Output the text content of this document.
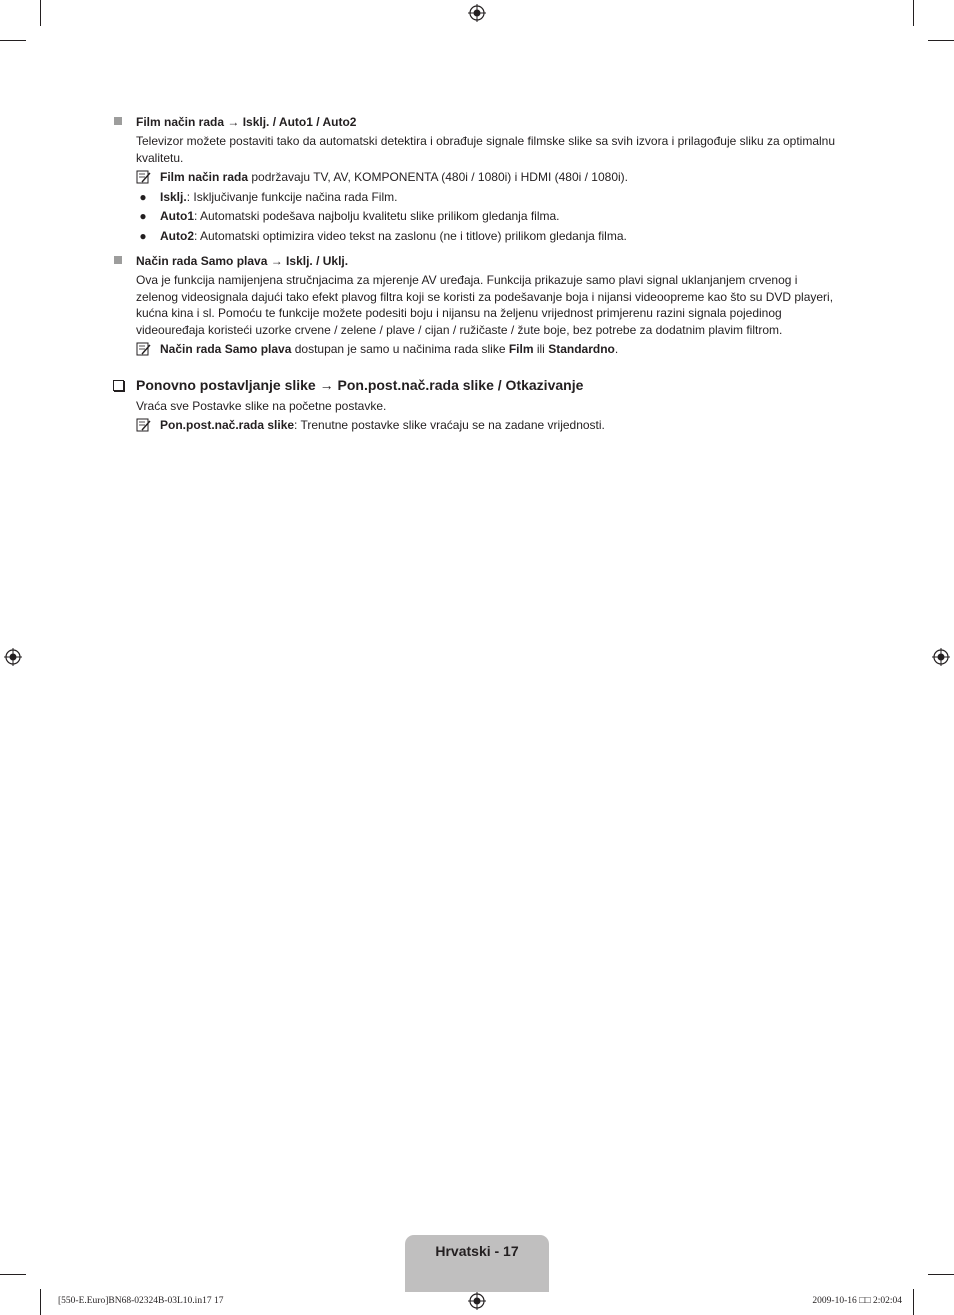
Film način rada → Isklj. / Auto1 / Auto2
Televizor možete postaviti tako da automatski detektira i obrađuje signale filmske slike sa svih izvora i prilagođuje sliku za optimalnu kvalitetu.
Film način rada podržavaju TV, AV, KOMPONENTA (480i / 1080i) i HDMI (480i / 1080i).
● Isklj.: Isključivanje funkcije načina rada Film.
● Auto1: Automatski podešava najbolju kvalitetu slike prilikom gledanja filma.
● Auto2: Automatski optimizira video tekst na zaslonu (ne i titlove) prilikom gledanja filma.
Način rada Samo plava → Isklj. / Uklj.
Ova je funkcija namijenjena stručnjacima za mjerenje AV uređaja. Funkcija prikazuje samo plavi signal uklanjanjem crvenog i zelenog videosignala dajući tako efekt plavog filtra koji se koristi za podešavanje boja i nijansi videoopreme kao što su DVD playeri, kućna kina i sl. Pomoću te funkcije možete podesiti boju i nijansu na željenu vrijednost primjerenu razini signala pojedinog videouređaja koristeći uzorke crvene / zelene / plave / cijan / ružičaste / žute boje, bez potrebe za dodatnim plavim filtrom.
Način rada Samo plava dostupan je samo u načinima rada slike Film ili Standardno.
Ponovno postavljanje slike → Pon.post.nač.rada slike / Otkazivanje
Vraća sve Postavke slike na početne postavke.
Pon.post.nač.rada slike: Trenutne postavke slike vraćaju se na zadane vrijednosti.
Hrvatski - 17
[550-E.Euro]BN68-02324B-03L10.in17 17	2009-10-16 □□ 2:02:04
